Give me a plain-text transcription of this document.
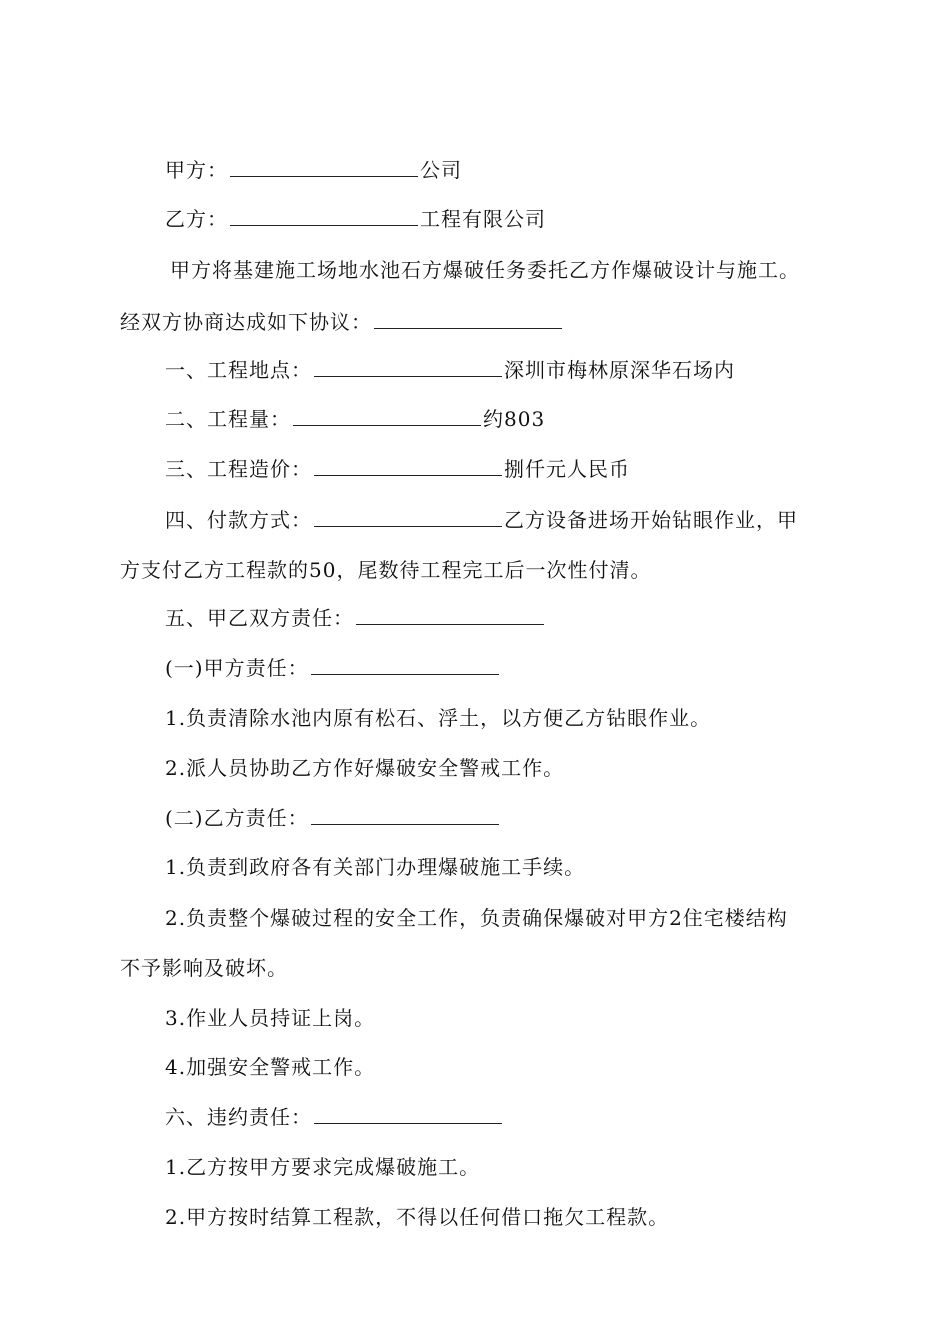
甲方：	公司
乙方：	工程有限公司
甲方将基建施工场地水池石方爆破任务委托乙方作爆破设计与施工。
经双方协商达成如下协议：
一、工程地点：	深圳市梅林原深华石场内
二、工程量：	约803
三、工程造价：	捌仟元人民币
四、付款方式：	乙方设备进场开始钻眼作业，甲
方支付乙方工程款的50，尾数待工程完工后一次性付清。
五、甲乙双方责任：
(一)甲方责任：
1.负责清除水池内原有松石、浮土，以方便乙方钻眼作业。
2.派人员协助乙方作好爆破安全警戒工作。
(二)乙方责任：
1.负责到政府各有关部门办理爆破施工手续。
2.负责整个爆破过程的安全工作，负责确保爆破对甲方2住宅楼结构
不予影响及破坏。
3.作业人员持证上岗。
4.加强安全警戒工作。
六、违约责任：
1.乙方按甲方要求完成爆破施工。
2.甲方按时结算工程款，不得以任何借口拖欠工程款。
